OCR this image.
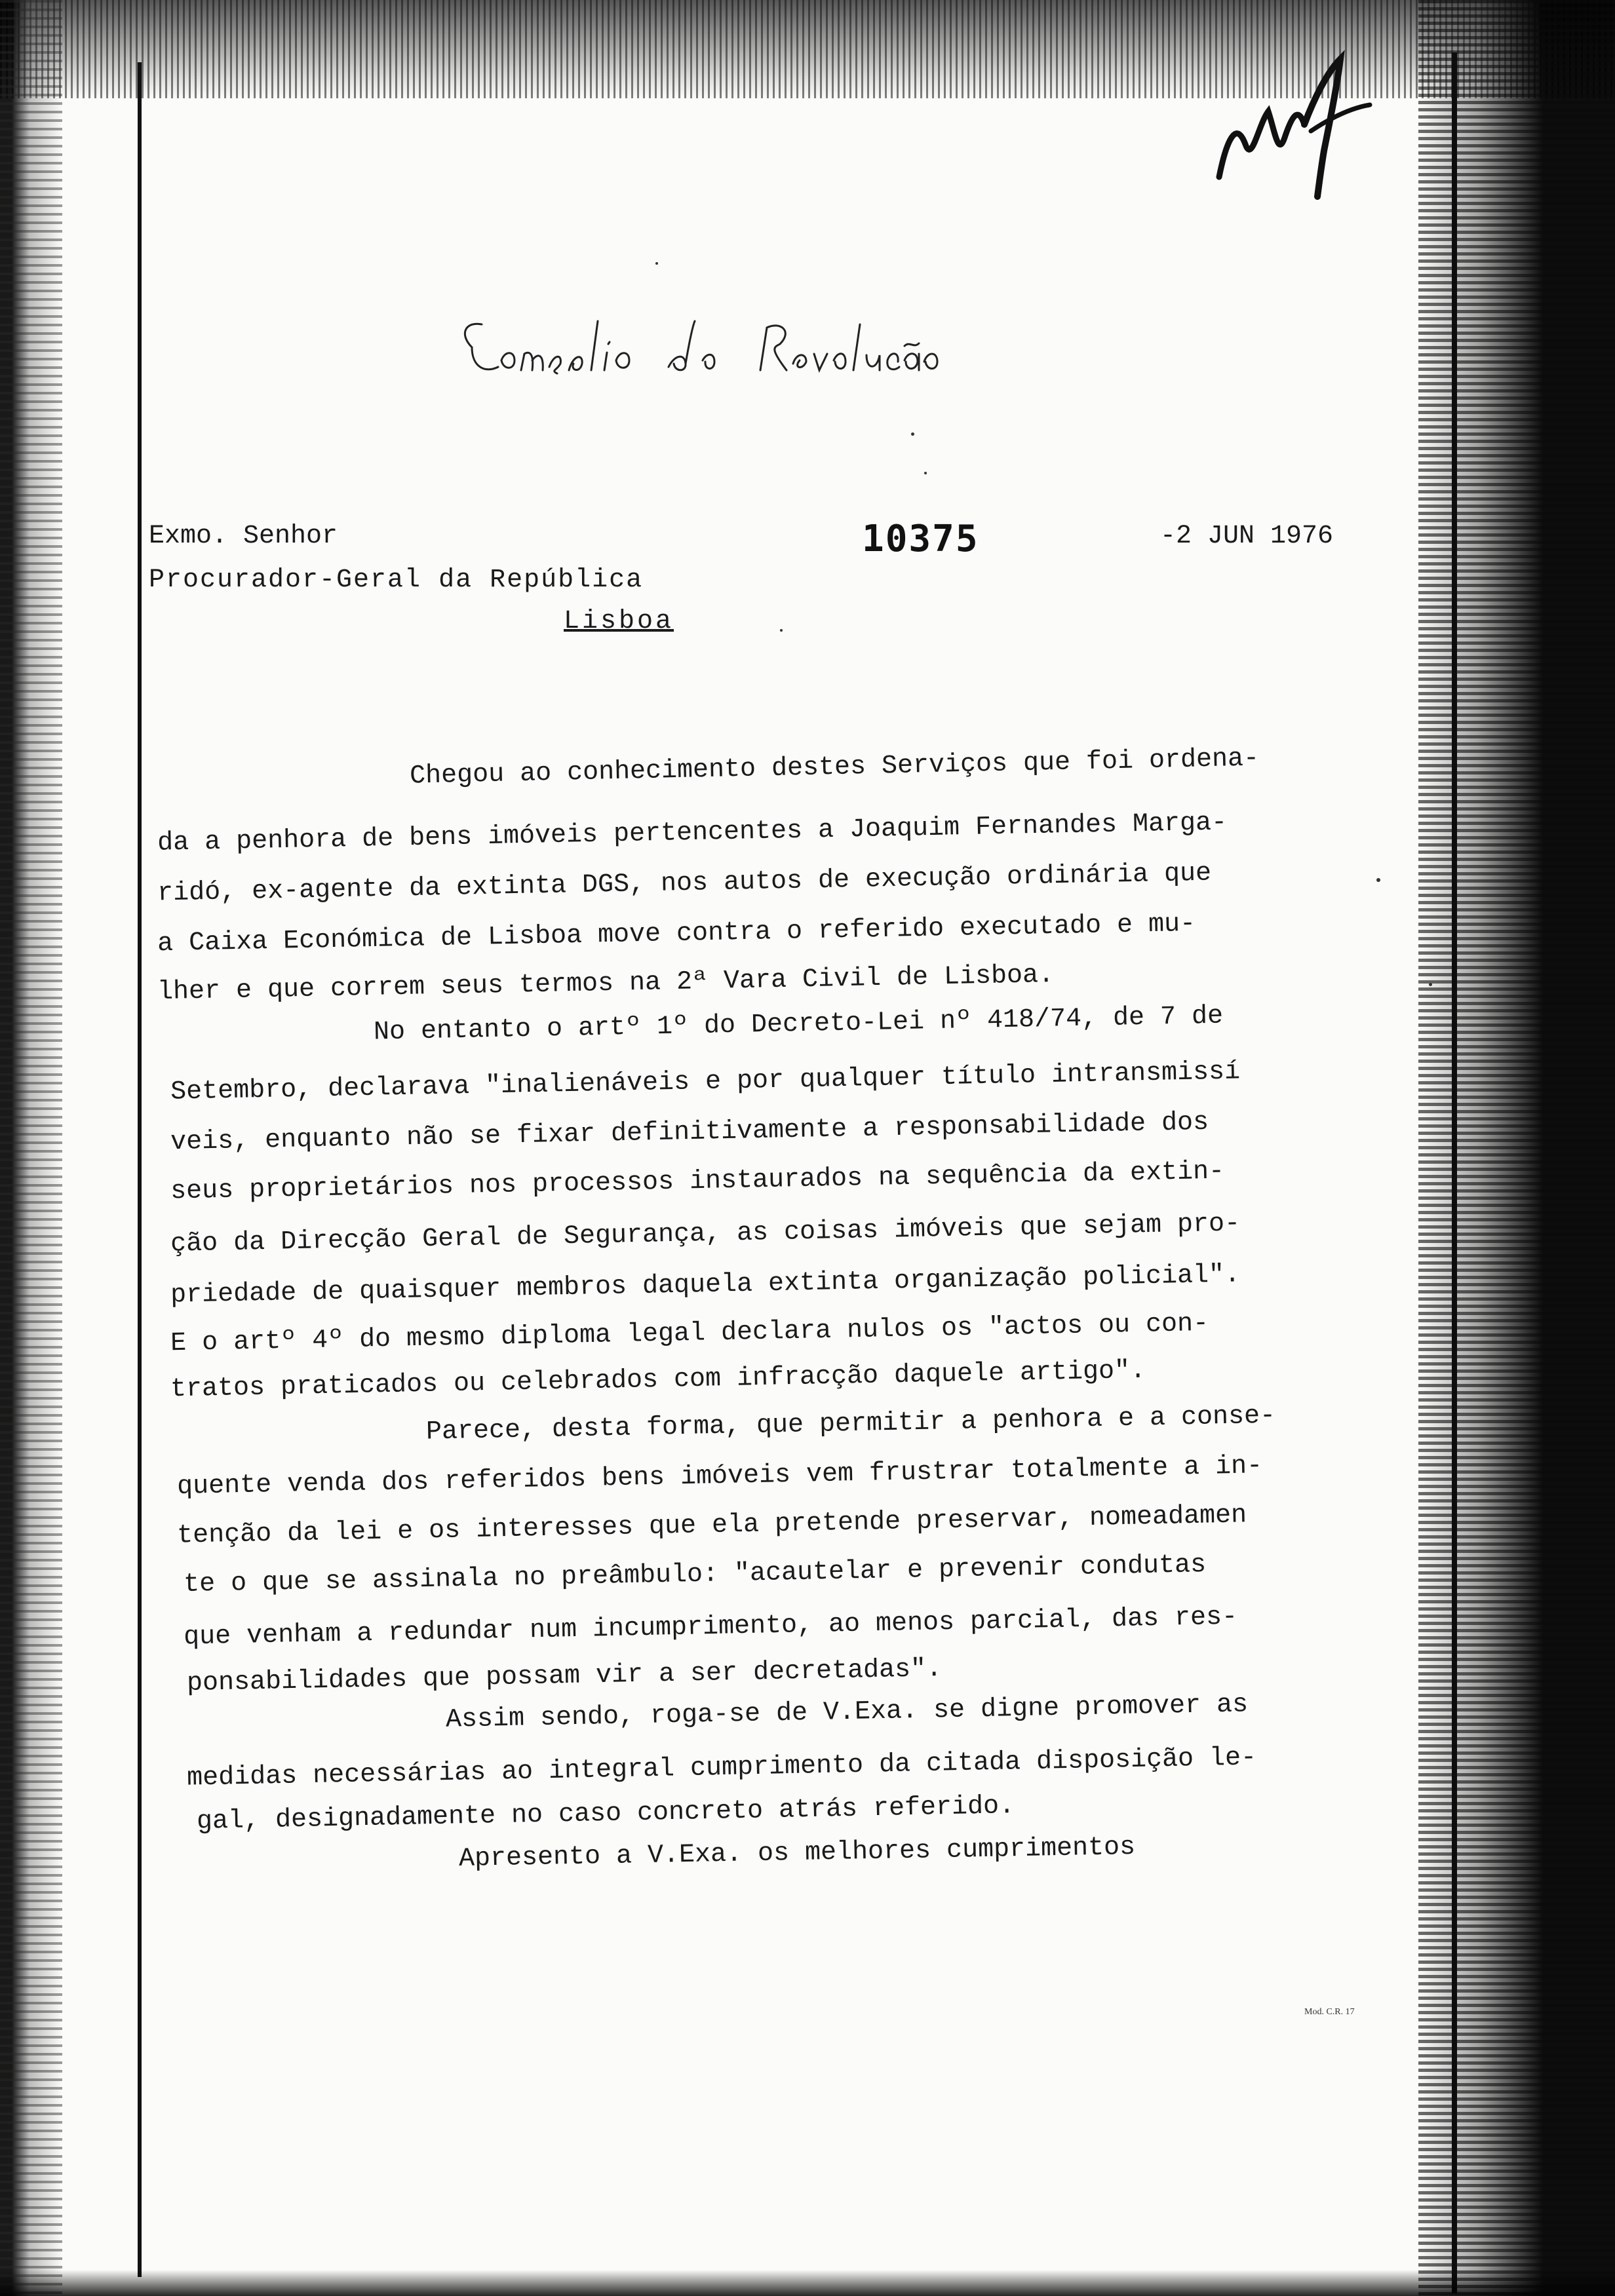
Exmo. Senhor

Procurador-Geral da República

Lisboa

10375	-2 JUN 1976

Chegou ao conhecimento destes Serviços que foi ordena-

da a penhora de bens imóveis pertencentes a Joaquim Fernandes Marga-

ridó, ex-agente da extinta DGS, nos autos de execução ordinária que

a Caixa Económica de Lisboa move contra o referido executado e mu-

lher e que correm seus termos na 2ª Vara Civil de Lisboa.

No entanto o artº 1º do Decreto-Lei nº 418/74, de 7 de

Setembro, declarava "inalienáveis e por qualquer título intransmissí

veis, enquanto não se fixar definitivamente a responsabilidade dos

seus proprietários nos processos instaurados na sequência da extin-

ção da Direcção Geral de Segurança, as coisas imóveis que sejam pro-

priedade de quaisquer membros daquela extinta organização policial".

E o artº 4º do mesmo diploma legal declara nulos os "actos ou con-

tratos praticados ou celebrados com infracção daquele artigo".

Parece, desta forma, que permitir a penhora e a conse-

quente venda dos referidos bens imóveis vem frustrar totalmente a in-

tenção da lei e os interesses que ela pretende preservar, nomeadamen

te o que se assinala no preâmbulo: "acautelar e prevenir condutas

que venham a redundar num incumprimento, ao menos parcial, das res-

ponsabilidades que possam vir a ser decretadas".

Assim sendo, roga-se de V.Exa. se digne promover as

medidas necessárias ao integral cumprimento da citada disposição le-

gal, designadamente no caso concreto atrás referido.

Apresento a V.Exa. os melhores cumprimentos

Mod. C.R. 17
